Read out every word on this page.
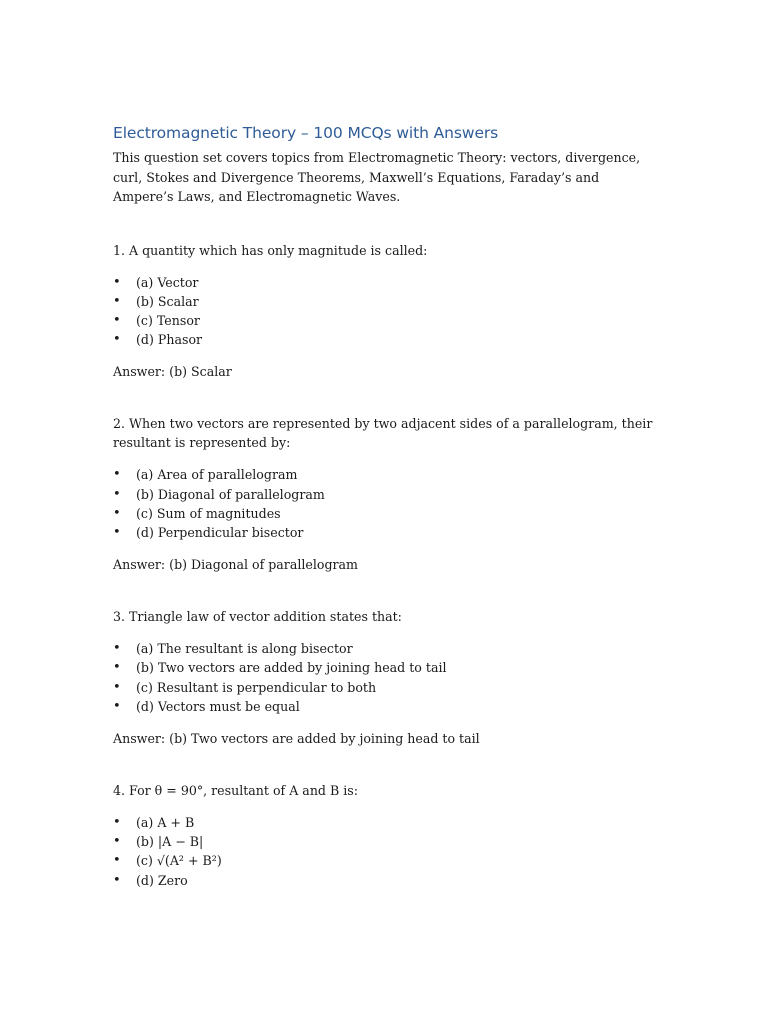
Electromagnetic Theory – 100 MCQs with Answers

This question set covers topics from Electromagnetic Theory: vectors, divergence, curl, Stokes and Divergence Theorems, Maxwell’s Equations, Faraday’s and Ampere’s Laws, and Electromagnetic Waves.

1. A quantity which has only magnitude is called:

• (a) Vector
• (b) Scalar
• (c) Tensor
• (d) Phasor

Answer: (b) Scalar

2. When two vectors are represented by two adjacent sides of a parallelogram, their resultant is represented by:

• (a) Area of parallelogram
• (b) Diagonal of parallelogram
• (c) Sum of magnitudes
• (d) Perpendicular bisector

Answer: (b) Diagonal of parallelogram

3. Triangle law of vector addition states that:

• (a) The resultant is along bisector
• (b) Two vectors are added by joining head to tail
• (c) Resultant is perpendicular to both
• (d) Vectors must be equal

Answer: (b) Two vectors are added by joining head to tail

4. For θ = 90°, resultant of A and B is:

• (a) A + B
• (b) |A − B|
• (c) √(A² + B²)
• (d) Zero
